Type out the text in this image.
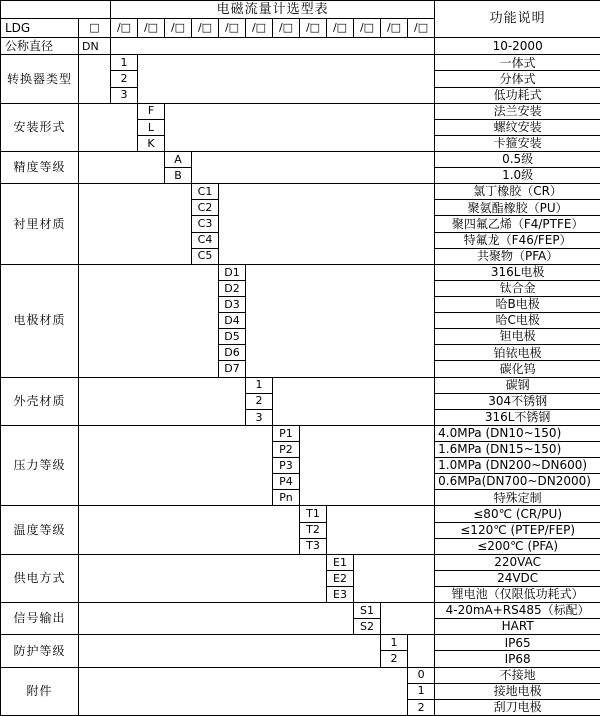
		电磁流量计选型表												功能说明
LDG	□	/□	/□	/□	/□	/□	/□	/□	/□	/□	/□	/□	/□	
公称直径	DN													10-2000
转换器类型		1												一体式
		2												分体式
		3												低功耗式
安装形式			F											法兰安装
			L											螺纹安装
			K											卡箍安装
精度等级				A										0.5级
				B										1.0级
衬里材质					C1									氯丁橡胶（CR）
					C2									聚氨酯橡胶（PU）
					C3									聚四氟乙烯（F4/PTFE）
					C4									特氟龙（F46/FEP）
					C5									共聚物（PFA）
电极材质						D1								316L电极
						D2								钛合金
						D3								哈B电极
						D4								哈C电极
						D5								钽电极
						D6								铂铱电极
						D7								碳化钨
外壳材质							1							碳钢
							2							304不锈钢
							3							316L不锈钢
压力等级								P1						4.0MPa (DN10~150)
								P2						1.6MPa (DN15~150)
								P3						1.0MPa (DN200~DN600)
								P4						0.6MPa(DN700~DN2000)
								Pn						特殊定制
温度等级									T1					≤80℃ (CR/PU)
									T2					≤120℃ (PTEP/FEP)
									T3					≤200℃ (PFA)
供电方式										E1				220VAC
										E2				24VDC
										E3				锂电池（仅限低功耗式）
信号输出											S1			4-20mA+RS485（标配）
											S2			HART
防护等级												1		IP65
												2		IP68
附件													0	不接地
													1	接地电极
													2	刮刀电极
